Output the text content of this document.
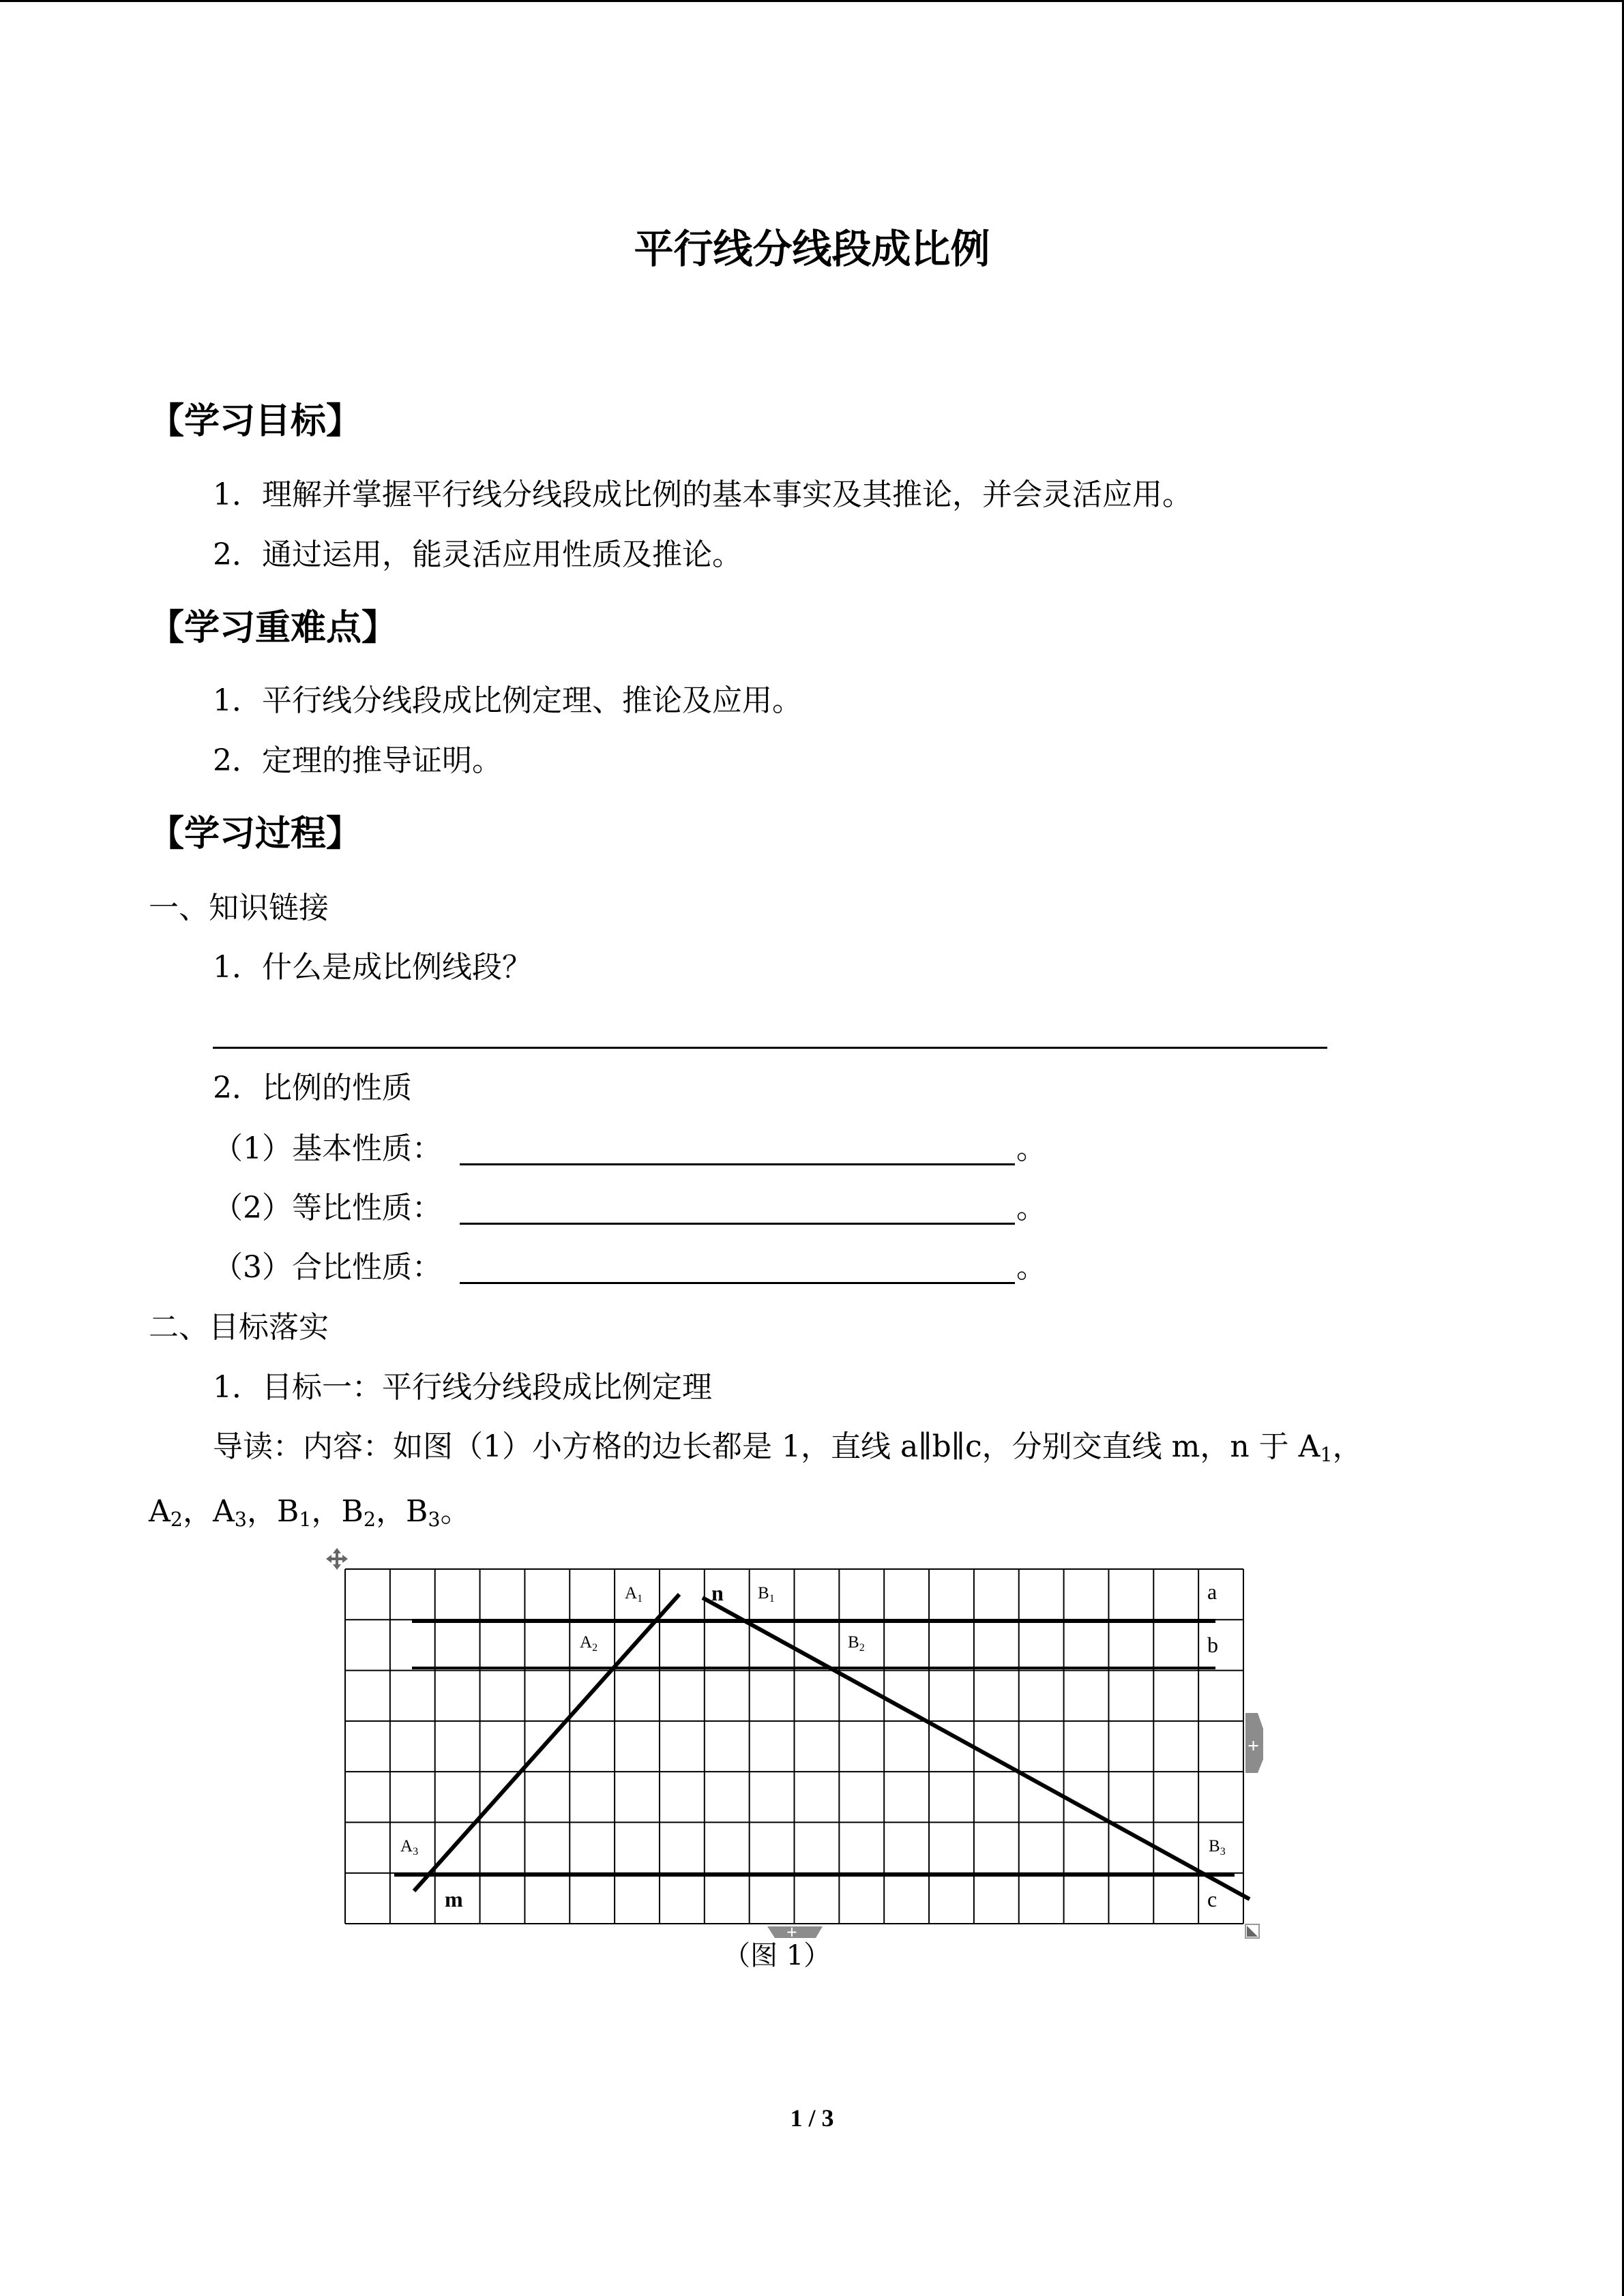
平行线分线段成比例
【学习目标】
1．理解并掌握平行线分线段成比例的基本事实及其推论，并会灵活应用。
2．通过运用，能灵活应用性质及推论。
【学习重难点】
1．平行线分线段成比例定理、推论及应用。
2．定理的推导证明。
【学习过程】
一、知识链接
1．什么是成比例线段？
2．比例的性质
（1）基本性质：	。
（2）等比性质：	。
（3）合比性质：	。
二、目标落实
1．目标一：平行线分线段成比例定理
导读：内容：如图（1）小方格的边长都是 1，直线 a∥b∥c，分别交直线 m，n 于 $A_1$，
$A_2$，$A_3$，$B_1$，$B_2$，$B_3$。
$A_1$
$A_2$
$A_3$
$B_1$
$B_2$
$B_3$
a
b
c
m
n
+
+
（图 1）
1 / 3
